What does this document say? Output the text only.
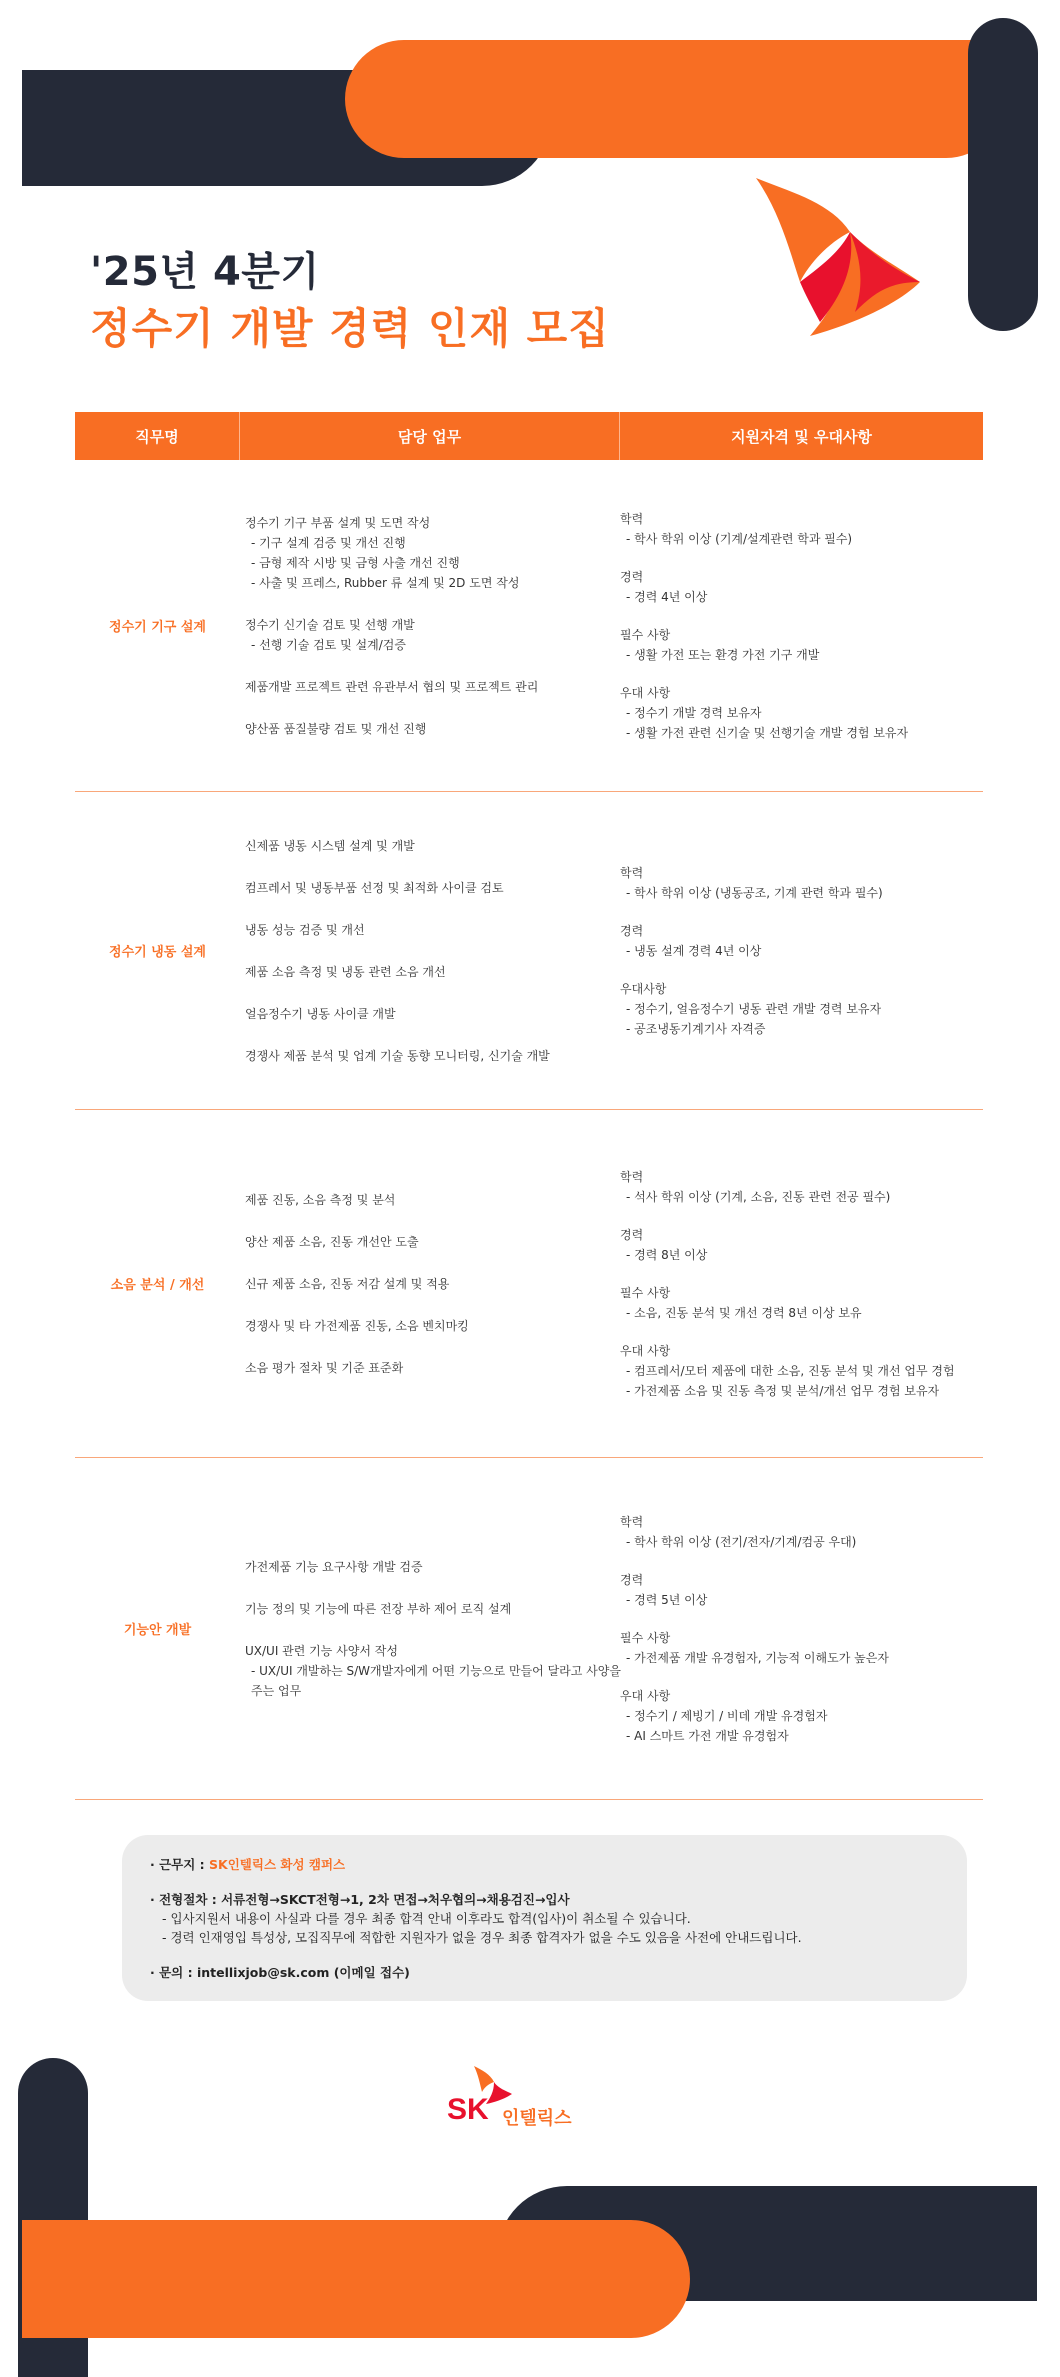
'25년 4분기
정수기 개발 경력 인재 모집
직무명	담당 업무	지원자격 및 우대사항
정수기 기구 설계
정수기 기구 부품 설계 및 도면 작성
- 기구 설계 검증 및 개선 진행
- 금형 제작 시방 및 금형 사출 개선 진행
- 사출 및 프레스, Rubber 류 설계 및 2D 도면 작성
정수기 신기술 검토 및 선행 개발
- 선행 기술 검토 및 설계/검증
제품개발 프로젝트 관련 유관부서 협의 및 프로젝트 관리
양산품 품질불량 검토 및 개선 진행
학력
- 학사 학위 이상 (기계/설계관련 학과 필수)
경력
- 경력 4년 이상
필수 사항
- 생활 가전 또는 환경 가전 기구 개발
우대 사항
- 정수기 개발 경력 보유자
- 생활 가전 관련 신기술 및 선행기술 개발 경험 보유자
정수기 냉동 설계
신제품 냉동 시스템 설계 및 개발
컴프레서 및 냉동부품 선정 및 최적화 사이클 검토
냉동 성능 검증 및 개선
제품 소음 측정 및 냉동 관련 소음 개선
얼음정수기 냉동 사이클 개발
경쟁사 제품 분석 및 업계 기술 동향 모니터링, 신기술 개발
학력
- 학사 학위 이상 (냉동공조, 기계 관련 학과 필수)
경력
- 냉동 설계 경력 4년 이상
우대사항
- 정수기, 얼음정수기 냉동 관련 개발 경력 보유자
- 공조냉동기계기사 자격증
소음 분석 / 개선
제품 진동, 소음 측정 및 분석
양산 제품 소음, 진동 개선안 도출
신규 제품 소음, 진동 저감 설계 및 적용
경쟁사 및 타 가전제품 진동, 소음 벤치마킹
소음 평가 절차 및 기준 표준화
학력
- 석사 학위 이상 (기계, 소음, 진동 관련 전공 필수)
경력
- 경력 8년 이상
필수 사항
- 소음, 진동 분석 및 개선 경력 8년 이상 보유
우대 사항
- 컴프레서/모터 제품에 대한 소음, 진동 분석 및 개선 업무 경험
- 가전제품 소음 및 진동 측정 및 분석/개선 업무 경험 보유자
기능안 개발
가전제품 기능 요구사항 개발 검증
기능 정의 및 기능에 따른 전장 부하 제어 로직 설계
UX/UI 관련 기능 사양서 작성
- UX/UI 개발하는 S/W개발자에게 어떤 기능으로 만들어 달라고 사양을 주는 업무
학력
- 학사 학위 이상 (전기/전자/기계/컴공 우대)
경력
- 경력 5년 이상
필수 사항
- 가전제품 개발 유경험자, 기능적 이해도가 높은자
우대 사항
- 정수기 / 제빙기 / 비데 개발 유경험자
- AI 스마트 가전 개발 유경험자
· 근무지 : SK인텔릭스 화성 캠퍼스
· 전형절차 : 서류전형→SKCT전형→1, 2차 면접→처우협의→채용검진→입사
- 입사지원서 내용이 사실과 다를 경우 최종 합격 안내 이후라도 합격(입사)이 취소될 수 있습니다.
- 경력 인재영입 특성상, 모집직무에 적합한 지원자가 없을 경우 최종 합격자가 없을 수도 있음을 사전에 안내드립니다.
· 문의 : intellixjob@sk.com (이메일 접수)
SK 인텔릭스
